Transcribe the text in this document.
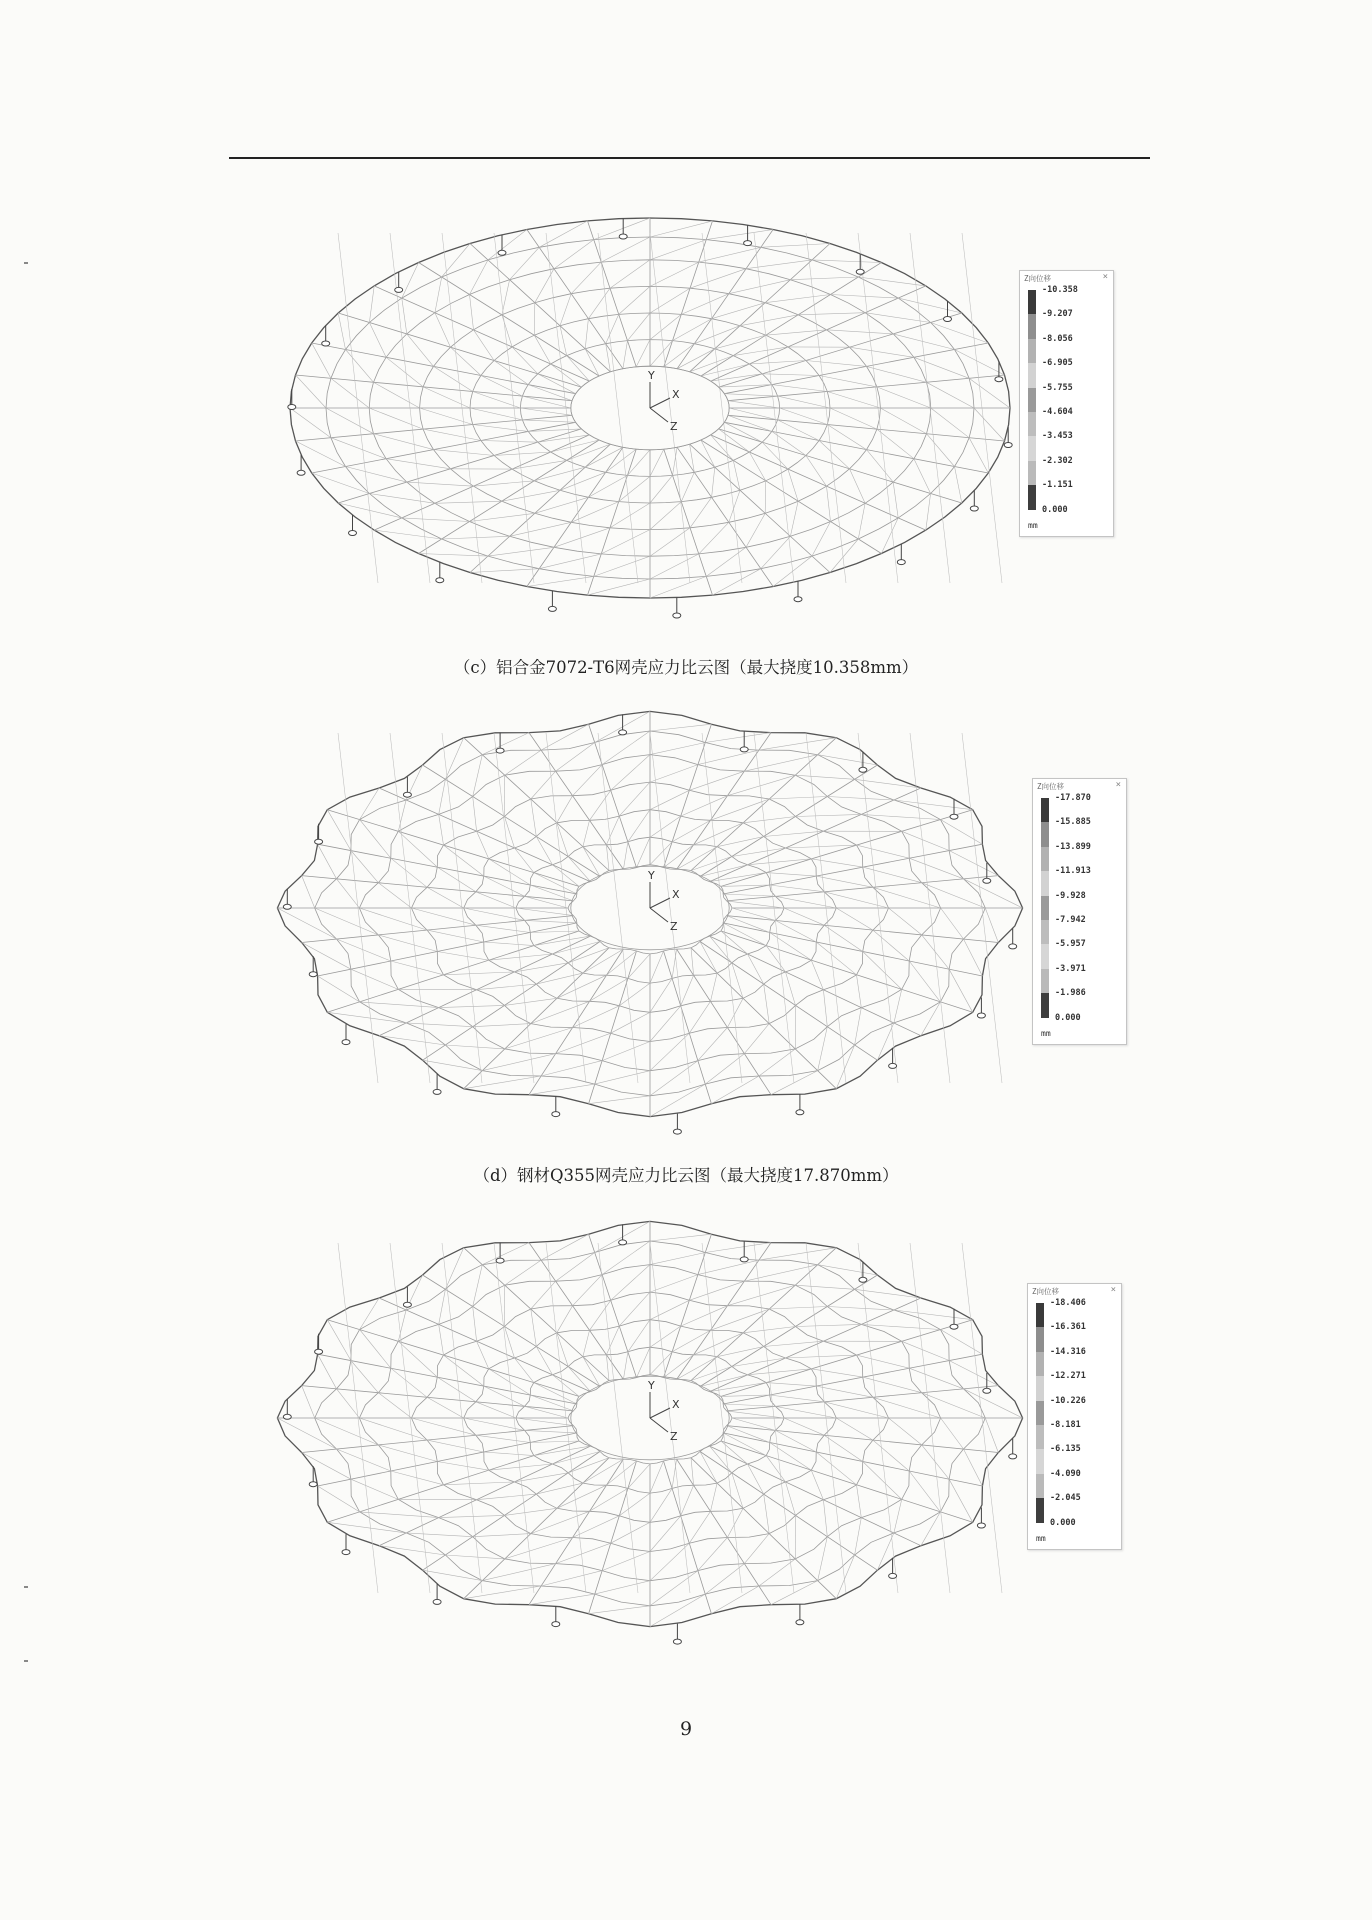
Y
X
Z
Z向位移	×
-10.358
-9.207
-8.056
-6.905
-5.755
-4.604
-3.453
-2.302
-1.151
0.000
mm
（c）铝合金7072-T6网壳应力比云图（最大挠度10.358mm）
Y
X
Z
Z向位移	×
-17.870
-15.885
-13.899
-11.913
-9.928
-7.942
-5.957
-3.971
-1.986
0.000
mm
（d）钢材Q355网壳应力比云图（最大挠度17.870mm）
Y
X
Z
Z向位移	×
-18.406
-16.361
-14.316
-12.271
-10.226
-8.181
-6.135
-4.090
-2.045
0.000
mm
9
